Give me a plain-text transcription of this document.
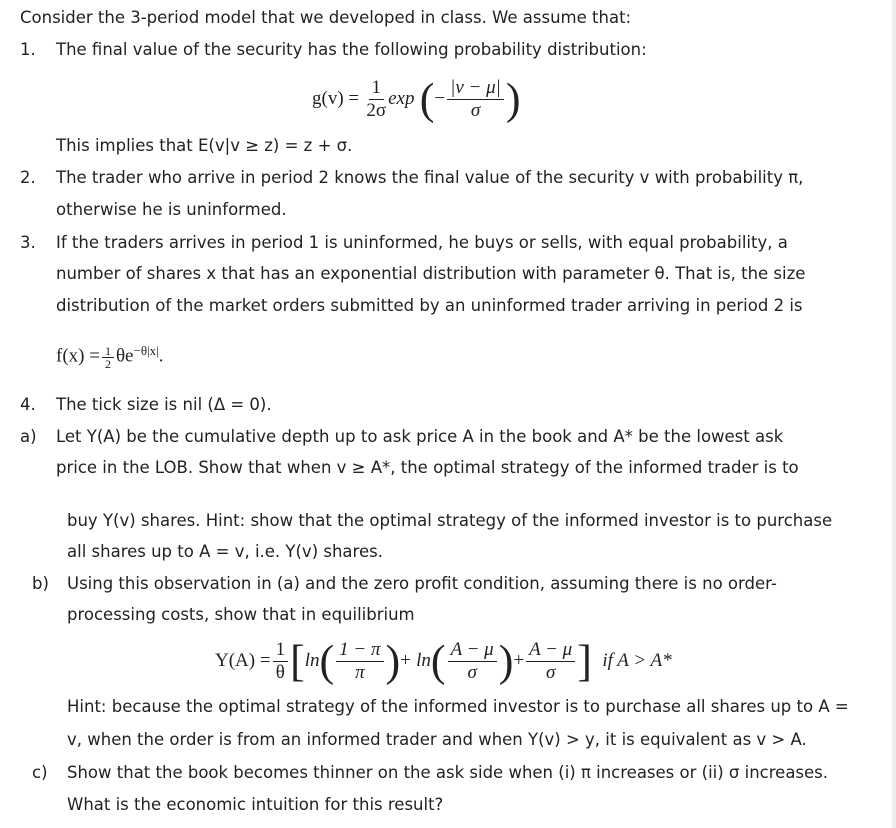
Consider the 3-period model that we developed in class. We assume that:
1. The final value of the security has the following probability distribution:
$g(v) = \frac{1}{2\sigma}$ exp (− $\frac{|v - \mu|}{\sigma}$ )
This implies that E(v|v ≥ z) = z + σ.
2. The trader who arrive in period 2 knows the final value of the security v with probability π,
otherwise he is uninformed.
3. If the traders arrives in period 1 is uninformed, he buys or sells, with equal probability, a
number of shares x that has an exponential distribution with parameter θ. That is, the size
distribution of the market orders submitted by an uninformed trader arriving in period 2 is
$f(x) = \frac{1}{2} \theta e^{-\theta|x|}$.
4. The tick size is nil (Δ = 0).
a) Let Y(A) be the cumulative depth up to ask price A in the book and A* be the lowest ask
price in the LOB. Show that when v ≥ A*, the optimal strategy of the informed trader is to
buy Y(v) shares. Hint: show that the optimal strategy of the informed investor is to purchase
all shares up to A = v, i.e. Y(v) shares.
b) Using this observation in (a) and the zero profit condition, assuming there is no order-
processing costs, show that in equilibrium
$Y(A) = \frac{1}{\theta} [\ln( \frac{1 - \pi}{\pi}$ )+ $\ln( \frac{A - \mu}{\sigma}$ )+ $\frac{A - \mu}{\sigma}$ ] if A > A*
Hint: because the optimal strategy of the informed investor is to purchase all shares up to A =
v, when the order is from an informed trader and when Y(v) > y, it is equivalent as v > A.
c) Show that the book becomes thinner on the ask side when (i) π increases or (ii) σ increases.
What is the economic intuition for this result?
